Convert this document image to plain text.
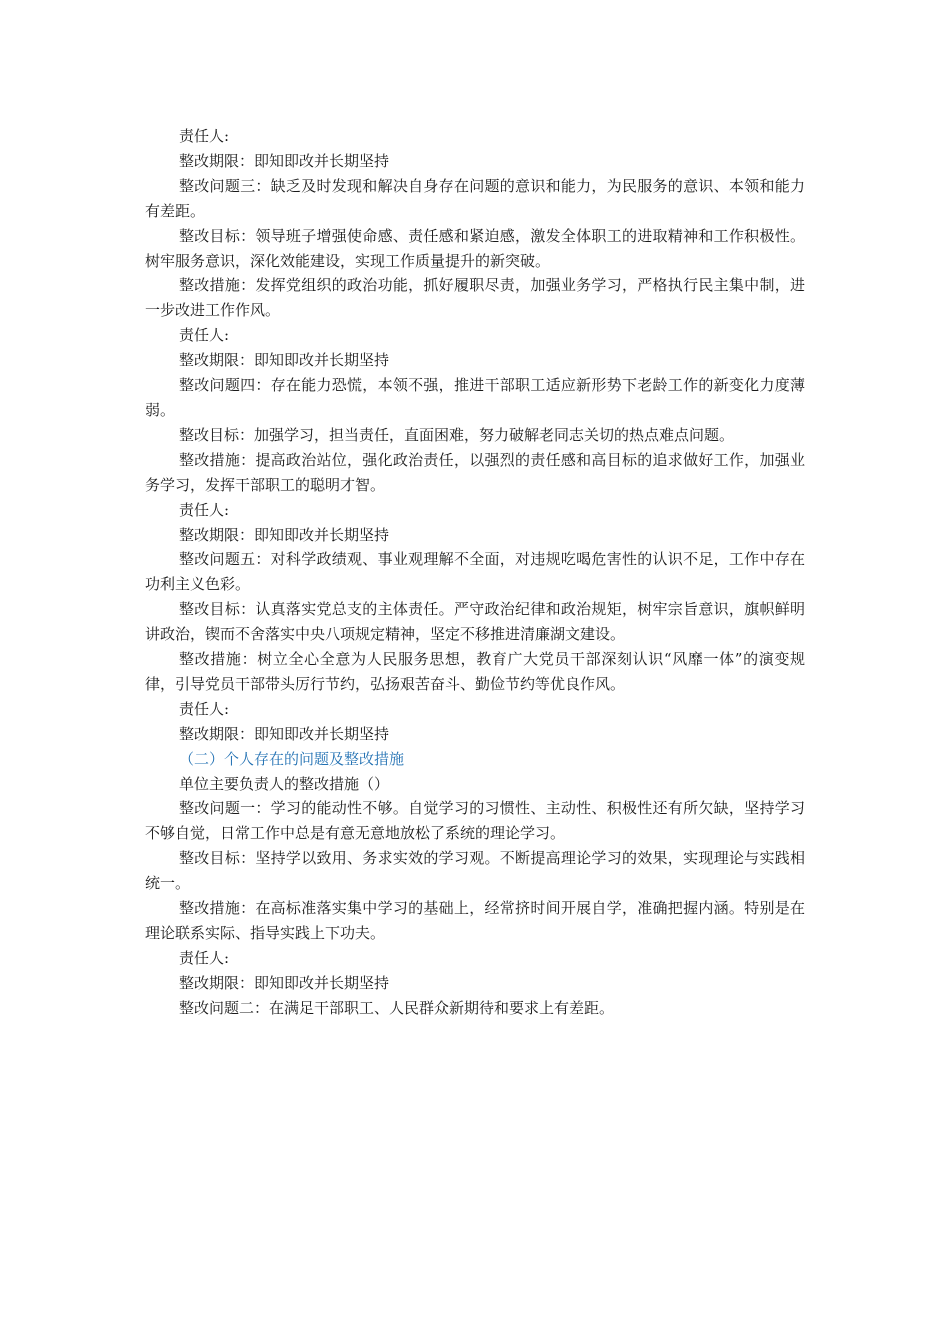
责任人:

整改期限：即知即改并长期坚持

整改问题三：缺乏及时发现和解决自身存在问题的意识和能力，为民服务的意识、本领和能力有差距。

整改目标：领导班子增强使命感、责任感和紧迫感，激发全体职工的进取精神和工作积极性。树牢服务意识，深化效能建设，实现工作质量提升的新突破。

整改措施：发挥党组织的政治功能，抓好履职尽责，加强业务学习，严格执行民主集中制，进一步改进工作作风。

责任人:

整改期限：即知即改并长期坚持

整改问题四：存在能力恐慌，本领不强，推进干部职工适应新形势下老龄工作的新变化力度薄弱。

整改目标：加强学习，担当责任，直面困难，努力破解老同志关切的热点难点问题。

整改措施：提高政治站位，强化政治责任，以强烈的责任感和高目标的追求做好工作，加强业务学习，发挥干部职工的聪明才智。

责任人:

整改期限：即知即改并长期坚持

整改问题五：对科学政绩观、事业观理解不全面，对违规吃喝危害性的认识不足，工作中存在功利主义色彩。

整改目标：认真落实党总支的主体责任。严守政治纪律和政治规矩，树牢宗旨意识，旗帜鲜明讲政治，锲而不舍落实中央八项规定精神，坚定不移推进清廉湖文建设。

整改措施：树立全心全意为人民服务思想，教育广大党员干部深刻认识“风靡一体”的演变规律，引导党员干部带头厉行节约，弘扬艰苦奋斗、勤俭节约等优良作风。

责任人:

整改期限：即知即改并长期坚持

（二）个人存在的问题及整改措施

单位主要负责人的整改措施（）

整改问题一：学习的能动性不够。自觉学习的习惯性、主动性、积极性还有所欠缺，坚持学习不够自觉，日常工作中总是有意无意地放松了系统的理论学习。

整改目标：坚持学以致用、务求实效的学习观。不断提高理论学习的效果，实现理论与实践相统一。

整改措施：在高标准落实集中学习的基础上，经常挤时间开展自学，准确把握内涵。特别是在理论联系实际、指导实践上下功夫。

责任人:

整改期限：即知即改并长期坚持

整改问题二：在满足干部职工、人民群众新期待和要求上有差距。
